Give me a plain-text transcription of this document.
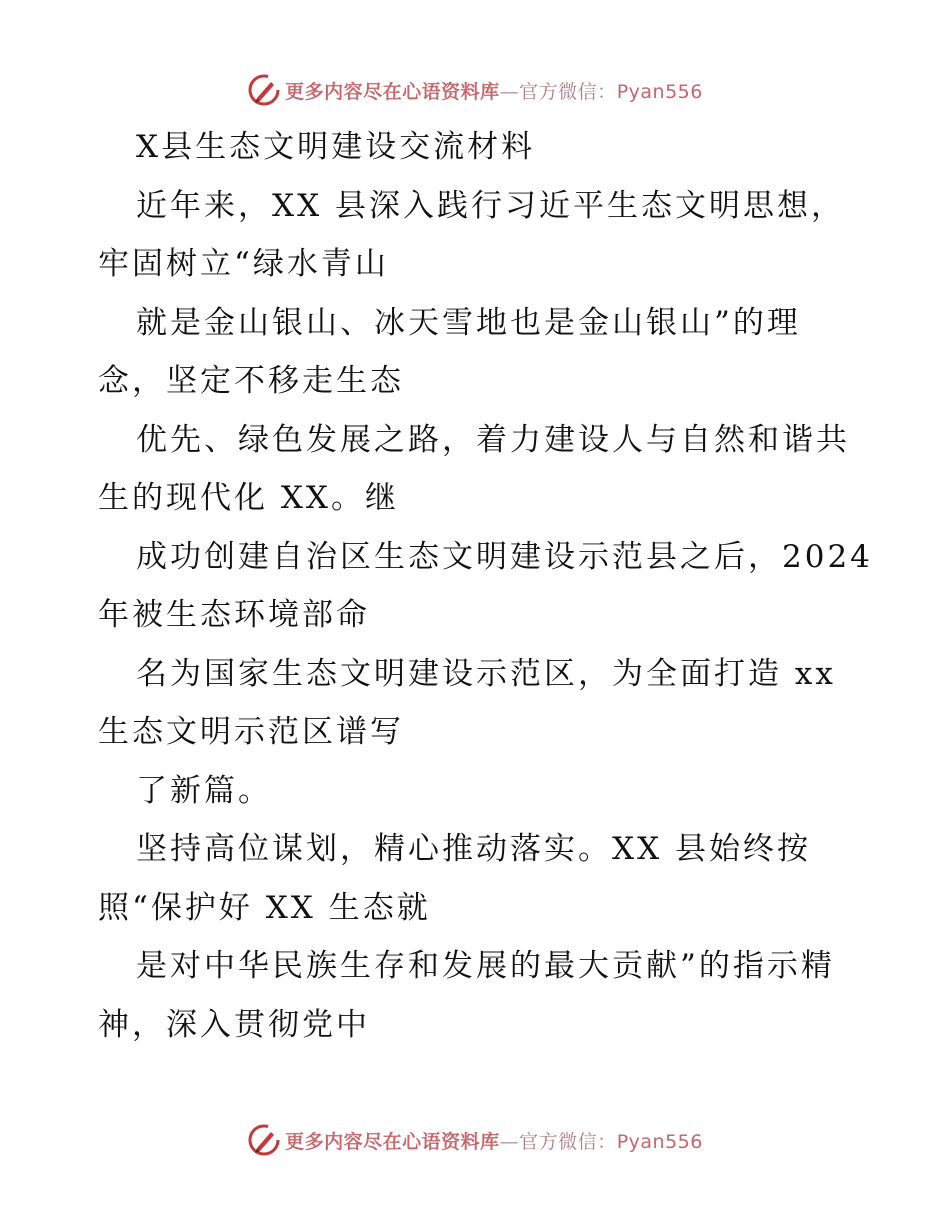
更多内容尽在心语资料库—官方微信：Pyan556
X县生态文明建设交流材料
近年来，XX 县深入践行习近平生态文明思想，
牢固树立“绿水青山
就是金山银山、冰天雪地也是金山银山”的理
念，坚定不移走生态
优先、绿色发展之路，着力建设人与自然和谐共
生的现代化 XX。继
成功创建自治区生态文明建设示范县之后，2024
年被生态环境部命
名为国家生态文明建设示范区，为全面打造 xx
生态文明示范区谱写
了新篇。
坚持高位谋划，精心推动落实。XX 县始终按
照“保护好 XX 生态就
是对中华民族生存和发展的最大贡献”的指示精
神，深入贯彻党中
更多内容尽在心语资料库—官方微信：Pyan556
